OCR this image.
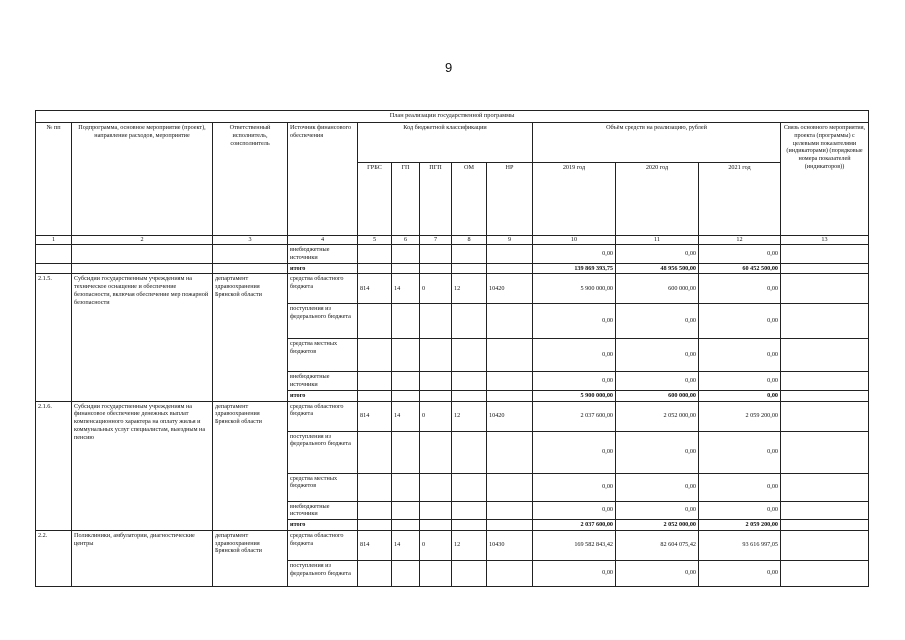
9
План реализации государственной программы												
№ пп	Подпрограмма, основное мероприятие (проект), направление расходов, мероприятие	Ответственный исполнитель, соисполнитель	Источник финансового обеспечения	Код бюджетной классификации					Объём средств на реализацию, рублей			Связь основного мероприятия, проекта (программы) с целевыми показателями (индикаторами) (порядковые номера показателей (индикаторов))
				ГРБС	ГП	ПГП	ОМ	НР	2019 год	2020 год	2021 год	
1	2	3	4	5	6	7	8	9	10	11	12	13
			внебюджетные источники						0,00	0,00	0,00	
			итого						139 869 393,75	48 956 500,00	60 452 500,00	
2.1.5.	Субсидии государственным учреждениям на техническое оснащение и обеспечение безопасности, включая обеспечение мер пожарной безопасности	департамент здравоохранения Брянской области	средства областного бюджета	814	14	0	12	10420	5 900 000,00	600 000,00	0,00	
			поступления из федерального бюджета						0,00	0,00	0,00	
			средства местных бюджетов						0,00	0,00	0,00	
			внебюджетные источники						0,00	0,00	0,00	
			итого						5 900 000,00	600 000,00	0,00	
2.1.6.	Субсидии государственным учреждениям на финансовое обеспечение денежных выплат компенсационного характера на оплату жилья и коммунальных услуг специалистам, выездным на пенсию	департамент здравоохранения Брянской области	средства областного бюджета	814	14	0	12	10420	2 037 600,00	2 052 000,00	2 059 200,00	
			поступления из федерального бюджета						0,00	0,00	0,00	
			средства местных бюджетов						0,00	0,00	0,00	
			внебюджетные источники						0,00	0,00	0,00	
			итого						2 037 600,00	2 052 000,00	2 059 200,00	
2.2.	Поликлиники, амбулатории, диагностические центры	департамент здравоохранения Брянской области	средства областного бюджета	814	14	0	12	10430	169 582 843,42	82 604 075,42	93 616 997,05	
			поступления из федерального бюджета						0,00	0,00	0,00	
